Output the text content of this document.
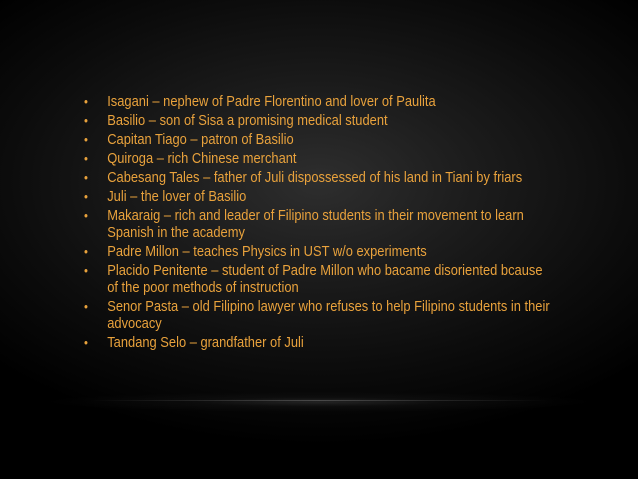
• Isagani – nephew of Padre Florentino and lover of Paulita
• Basilio – son of Sisa a promising medical student
• Capitan Tiago – patron of Basilio
• Quiroga – rich Chinese merchant
• Cabesang Tales – father of Juli dispossessed of his land in Tiani by friars
• Juli – the lover of Basilio
• Makaraig – rich and leader of Filipino students in their movement to learn Spanish in the academy
• Padre Millon – teaches Physics in UST w/o experiments
• Placido Penitente – student of Padre Millon who bacame disoriented bcause of the poor methods of instruction
• Senor Pasta – old Filipino lawyer who refuses to help Filipino students in their advocacy
• Tandang Selo – grandfather of Juli
